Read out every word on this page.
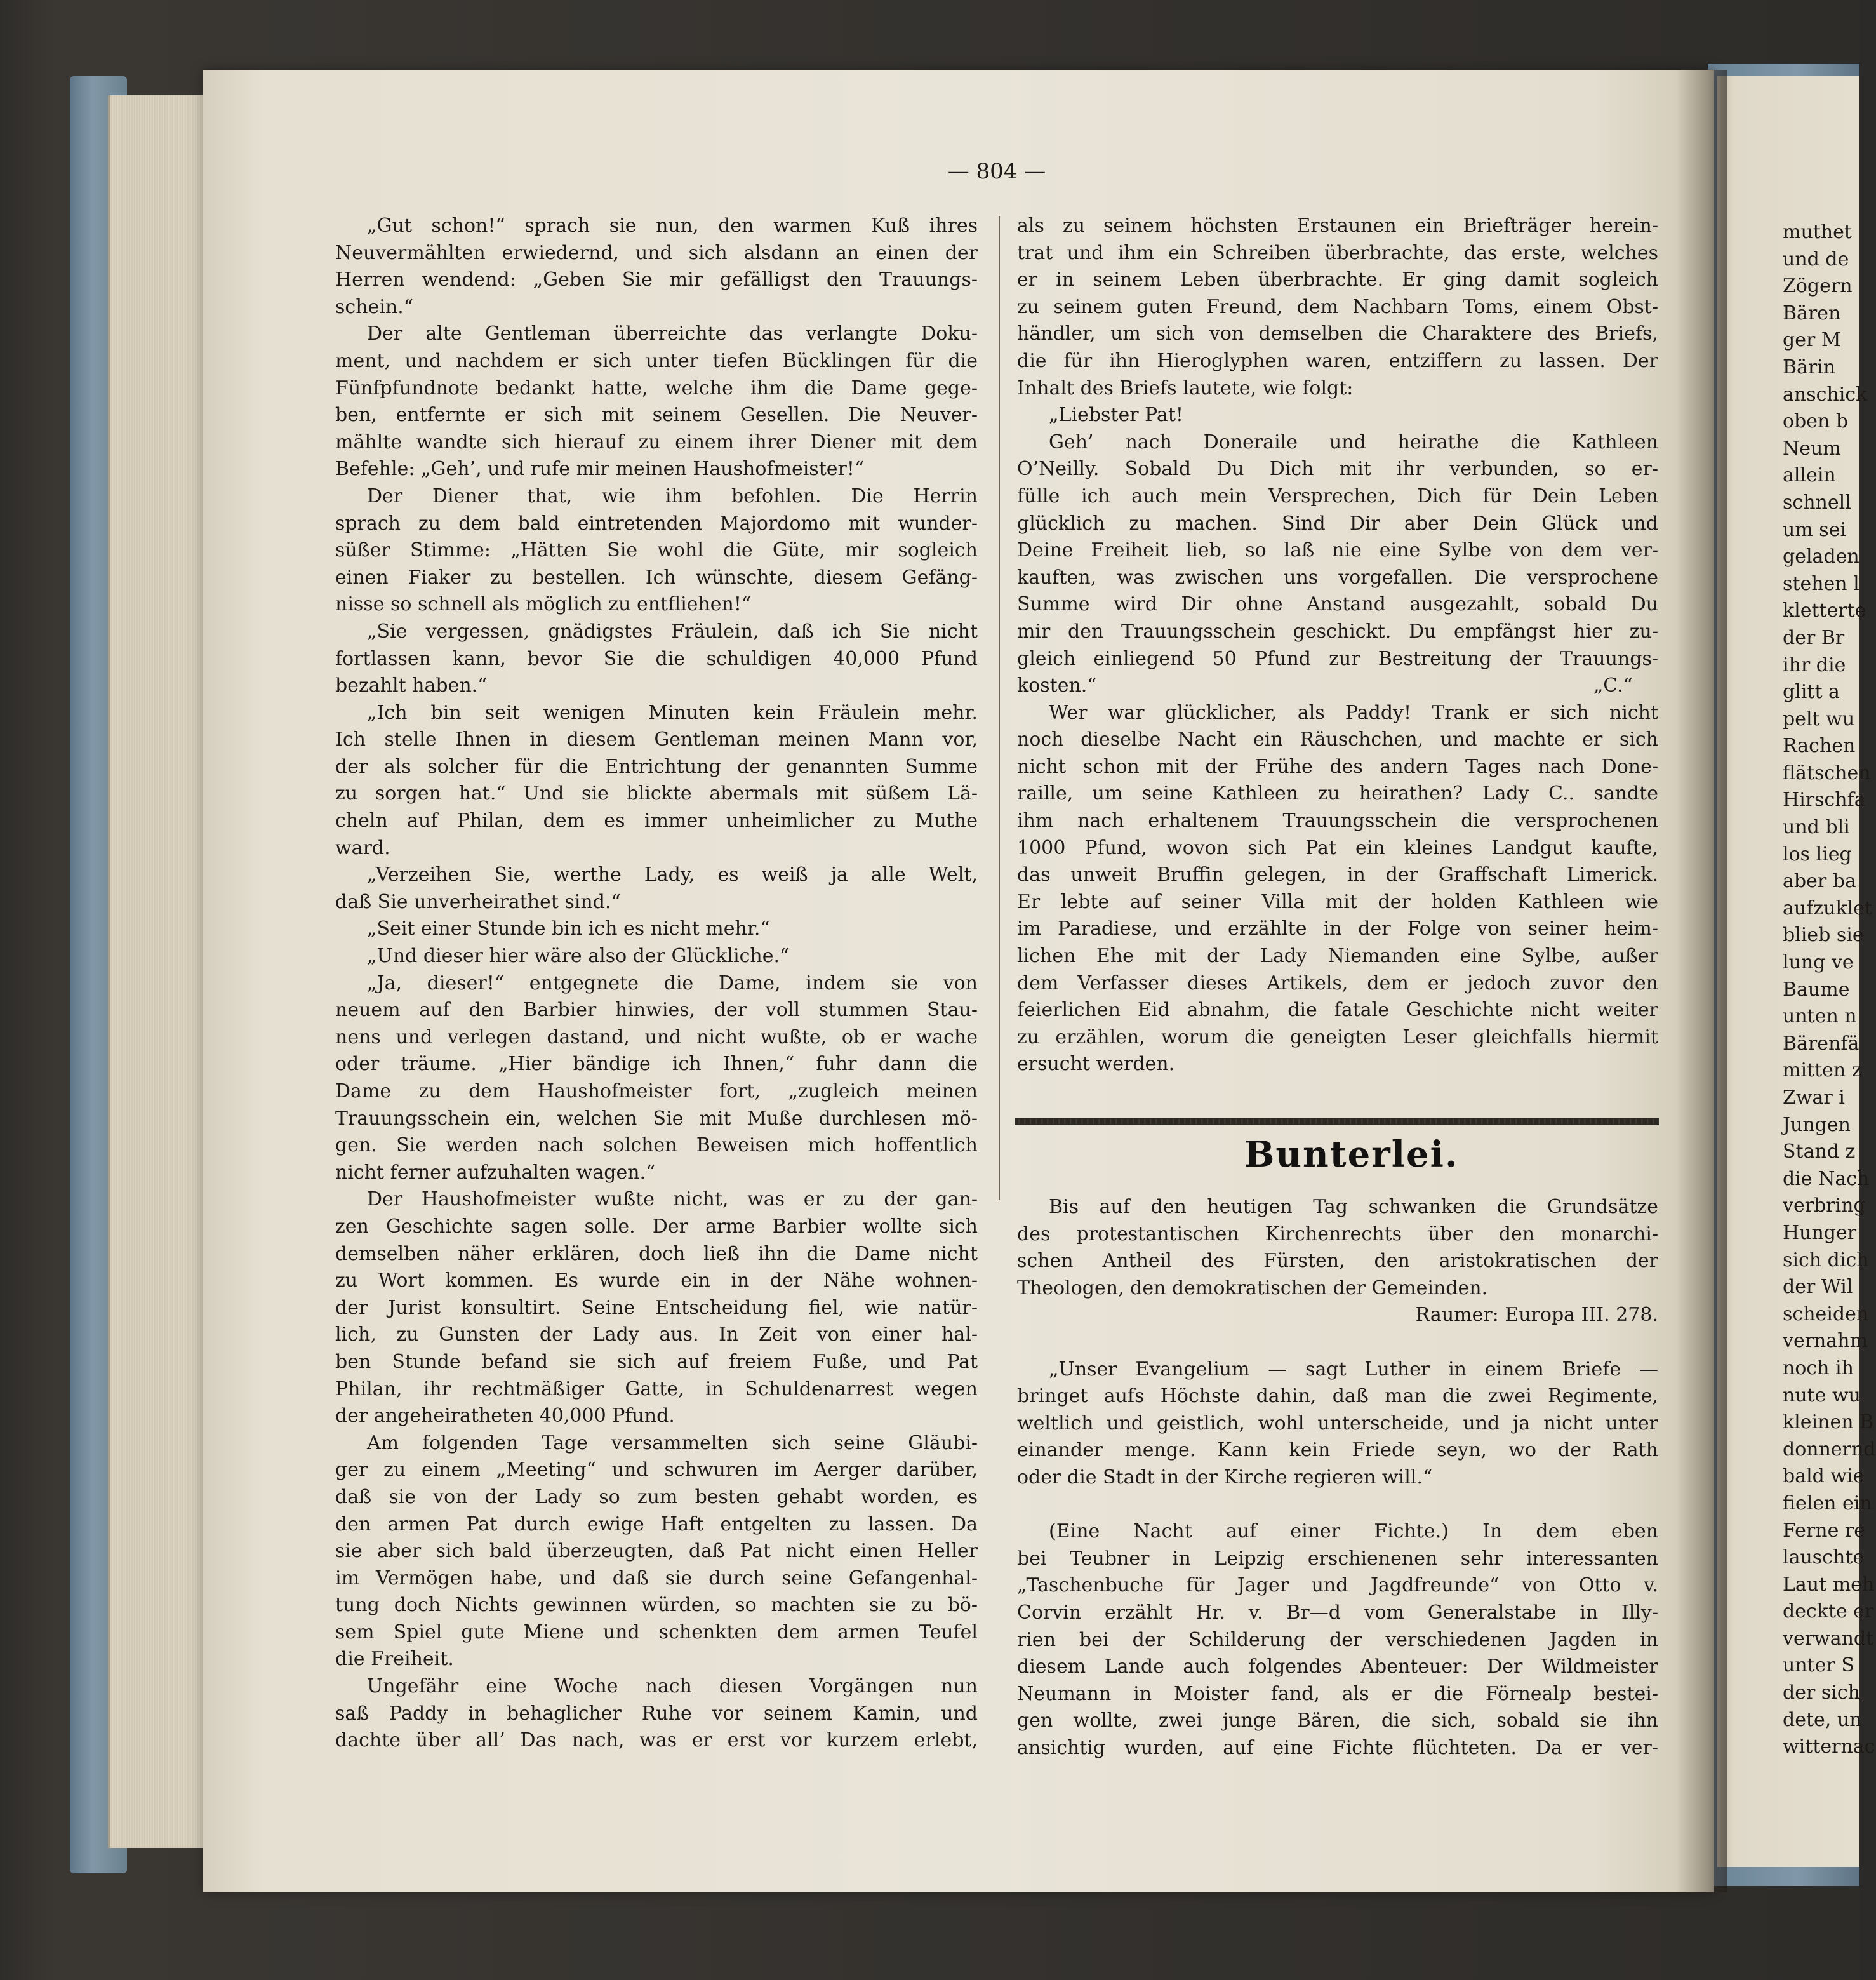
— 804 —
„Gut schon!“ sprach sie nun, den warmen Kuß ihres
Neuvermählten erwiedernd, und sich alsdann an einen der
Herren wendend: „Geben Sie mir gefälligst den Trauungs-
schein.“
Der alte Gentleman überreichte das verlangte Doku-
ment, und nachdem er sich unter tiefen Bücklingen für die
Fünfpfundnote bedankt hatte, welche ihm die Dame gege-
ben, entfernte er sich mit seinem Gesellen. Die Neuver-
mählte wandte sich hierauf zu einem ihrer Diener mit dem
Befehle: „Geh’, und rufe mir meinen Haushofmeister!“
Der Diener that, wie ihm befohlen. Die Herrin
sprach zu dem bald eintretenden Majordomo mit wunder-
süßer Stimme: „Hätten Sie wohl die Güte, mir sogleich
einen Fiaker zu bestellen. Ich wünschte, diesem Gefäng-
nisse so schnell als möglich zu entfliehen!“
„Sie vergessen, gnädigstes Fräulein, daß ich Sie nicht
fortlassen kann, bevor Sie die schuldigen 40,000 Pfund
bezahlt haben.“
„Ich bin seit wenigen Minuten kein Fräulein mehr.
Ich stelle Ihnen in diesem Gentleman meinen Mann vor,
der als solcher für die Entrichtung der genannten Summe
zu sorgen hat.“ Und sie blickte abermals mit süßem Lä-
cheln auf Philan, dem es immer unheimlicher zu Muthe
ward.
„Verzeihen Sie, werthe Lady, es weiß ja alle Welt,
daß Sie unverheirathet sind.“
„Seit einer Stunde bin ich es nicht mehr.“
„Und dieser hier wäre also der Glückliche.“
„Ja, dieser!“ entgegnete die Dame, indem sie von
neuem auf den Barbier hinwies, der voll stummen Stau-
nens und verlegen dastand, und nicht wußte, ob er wache
oder träume. „Hier bändige ich Ihnen,“ fuhr dann die
Dame zu dem Haushofmeister fort, „zugleich meinen
Trauungsschein ein, welchen Sie mit Muße durchlesen mö-
gen. Sie werden nach solchen Beweisen mich hoffentlich
nicht ferner aufzuhalten wagen.“
Der Haushofmeister wußte nicht, was er zu der gan-
zen Geschichte sagen solle. Der arme Barbier wollte sich
demselben näher erklären, doch ließ ihn die Dame nicht
zu Wort kommen. Es wurde ein in der Nähe wohnen-
der Jurist konsultirt. Seine Entscheidung fiel, wie natür-
lich, zu Gunsten der Lady aus. In Zeit von einer hal-
ben Stunde befand sie sich auf freiem Fuße, und Pat
Philan, ihr rechtmäßiger Gatte, in Schuldenarrest wegen
der angeheiratheten 40,000 Pfund.
Am folgenden Tage versammelten sich seine Gläubi-
ger zu einem „Meeting“ und schwuren im Aerger darüber,
daß sie von der Lady so zum besten gehabt worden, es
den armen Pat durch ewige Haft entgelten zu lassen. Da
sie aber sich bald überzeugten, daß Pat nicht einen Heller
im Vermögen habe, und daß sie durch seine Gefangenhal-
tung doch Nichts gewinnen würden, so machten sie zu bö-
sem Spiel gute Miene und schenkten dem armen Teufel
die Freiheit.
Ungefähr eine Woche nach diesen Vorgängen nun
saß Paddy in behaglicher Ruhe vor seinem Kamin, und
dachte über all’ Das nach, was er erst vor kurzem erlebt,
als zu seinem höchsten Erstaunen ein Briefträger herein-
trat und ihm ein Schreiben überbrachte, das erste, welches
er in seinem Leben überbrachte. Er ging damit sogleich
zu seinem guten Freund, dem Nachbarn Toms, einem Obst-
händler, um sich von demselben die Charaktere des Briefs,
die für ihn Hieroglyphen waren, entziffern zu lassen. Der
Inhalt des Briefs lautete, wie folgt:
„Liebster Pat!
Geh’ nach Doneraile und heirathe die Kathleen
O’Neilly. Sobald Du Dich mit ihr verbunden, so er-
fülle ich auch mein Versprechen, Dich für Dein Leben
glücklich zu machen. Sind Dir aber Dein Glück und
Deine Freiheit lieb, so laß nie eine Sylbe von dem ver-
kauften, was zwischen uns vorgefallen. Die versprochene
Summe wird Dir ohne Anstand ausgezahlt, sobald Du
mir den Trauungsschein geschickt. Du empfängst hier zu-
gleich einliegend 50 Pfund zur Bestreitung der Trauungs-
kosten.“	„C.“
Wer war glücklicher, als Paddy! Trank er sich nicht
noch dieselbe Nacht ein Räuschchen, und machte er sich
nicht schon mit der Frühe des andern Tages nach Done-
raille, um seine Kathleen zu heirathen? Lady C.. sandte
ihm nach erhaltenem Trauungsschein die versprochenen
1000 Pfund, wovon sich Pat ein kleines Landgut kaufte,
das unweit Bruffin gelegen, in der Graffschaft Limerick.
Er lebte auf seiner Villa mit der holden Kathleen wie
im Paradiese, und erzählte in der Folge von seiner heim-
lichen Ehe mit der Lady Niemanden eine Sylbe, außer
dem Verfasser dieses Artikels, dem er jedoch zuvor den
feierlichen Eid abnahm, die fatale Geschichte nicht weiter
zu erzählen, worum die geneigten Leser gleichfalls hiermit
ersucht werden.
Bunterlei.
Bis auf den heutigen Tag schwanken die Grundsätze
des protestantischen Kirchenrechts über den monarchi-
schen Antheil des Fürsten, den aristokratischen der
Theologen, den demokratischen der Gemeinden.
Raumer: Europa III. 278.
„Unser Evangelium — sagt Luther in einem Briefe —
bringet aufs Höchste dahin, daß man die zwei Regimente,
weltlich und geistlich, wohl unterscheide, und ja nicht unter
einander menge. Kann kein Friede seyn, wo der Rath
oder die Stadt in der Kirche regieren will.“
(Eine Nacht auf einer Fichte.) In dem eben
bei Teubner in Leipzig erschienenen sehr interessanten
„Taschenbuche für Jager und Jagdfreunde“ von Otto v.
Corvin erzählt Hr. v. Br—d vom Generalstabe in Illy-
rien bei der Schilderung der verschiedenen Jagden in
diesem Lande auch folgendes Abenteuer: Der Wildmeister
Neumann in Moister fand, als er die Förnealp bestei-
gen wollte, zwei junge Bären, die sich, sobald sie ihn
ansichtig wurden, auf eine Fichte flüchteten. Da er ver-
muthet
und de
Zögern
Bären
ger M
Bärin
anschick
oben b
Neum
allein
schnell
um sei
geladen
stehen l
kletterte
der Br
ihr die
glitt a
pelt wu
Rachen
flätschen
Hirschfa
und bli
los lieg
aber ba
aufzuklet
blieb sie
lung ve
Baume
unten n
Bärenfä
mitten z
Zwar i
Jungen
Stand z
die Nach
verbring
Hunger
sich dich
der Wil
scheiden
vernahm
noch ih
nute wu
kleinen B
donnernd
bald wie
fielen ein
Ferne re
lauschte
Laut meh
deckte er
verwandt
unter S
der sich
dete, un
witternac
